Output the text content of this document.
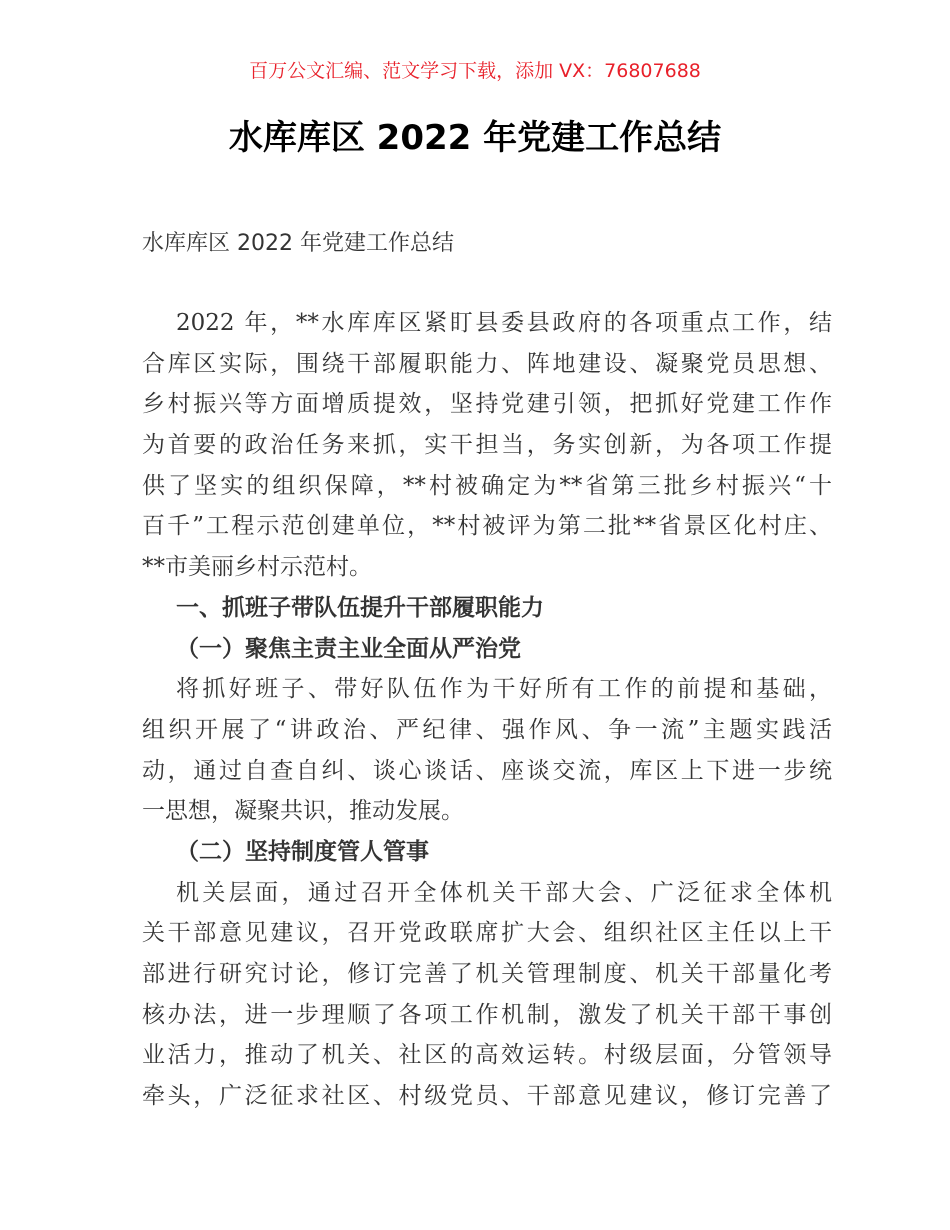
百万公文汇编、范文学习下载，添加 VX：76807688
水库库区 2022 年党建工作总结
水库库区 2022 年党建工作总结
2022 年，**水库库区紧盯县委县政府的各项重点工作，结
合库区实际，围绕干部履职能力、阵地建设、凝聚党员思想、
乡村振兴等方面增质提效，坚持党建引领，把抓好党建工作作
为首要的政治任务来抓，实干担当，务实创新，为各项工作提
供了坚实的组织保障，**村被确定为**省第三批乡村振兴“十
百千”工程示范创建单位，**村被评为第二批**省景区化村庄、
**市美丽乡村示范村。
一、抓班子带队伍提升干部履职能力
（一）聚焦主责主业全面从严治党
将抓好班子、带好队伍作为干好所有工作的前提和基础，
组织开展了“讲政治、严纪律、强作风、争一流”主题实践活
动，通过自查自纠、谈心谈话、座谈交流，库区上下进一步统
一思想，凝聚共识，推动发展。
（二）坚持制度管人管事
机关层面，通过召开全体机关干部大会、广泛征求全体机
关干部意见建议，召开党政联席扩大会、组织社区主任以上干
部进行研究讨论，修订完善了机关管理制度、机关干部量化考
核办法，进一步理顺了各项工作机制，激发了机关干部干事创
业活力，推动了机关、社区的高效运转。村级层面，分管领导
牵头，广泛征求社区、村级党员、干部意见建议，修订完善了
